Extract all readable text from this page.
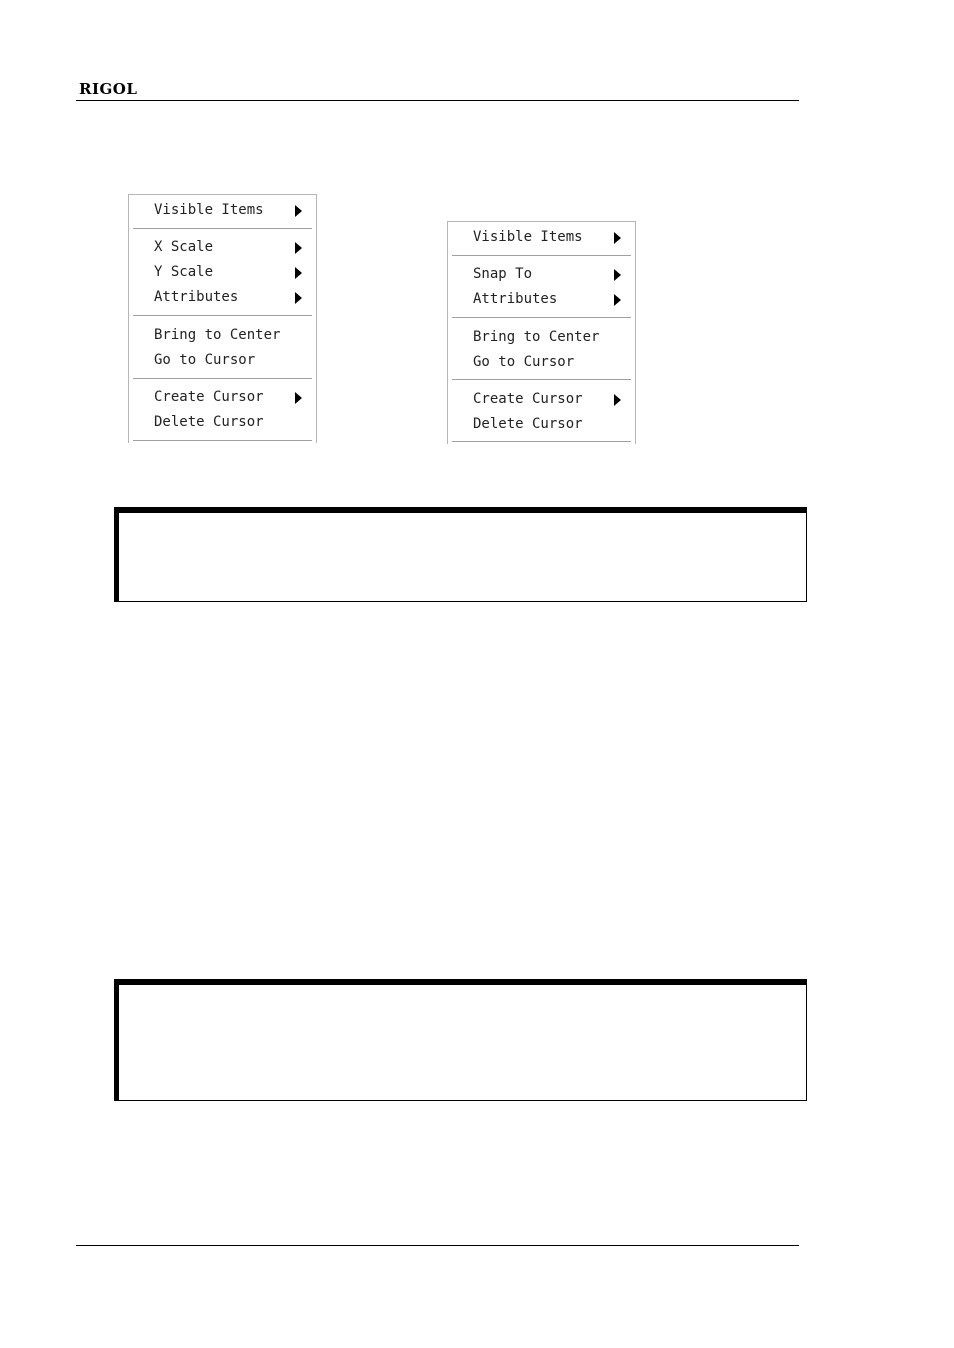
RIGOL
Visible Items
X Scale
Y Scale
Attributes
Bring to Center
Go to Cursor
Create Cursor
Delete Cursor
Visible Items
Snap To
Attributes
Bring to Center
Go to Cursor
Create Cursor
Delete Cursor
